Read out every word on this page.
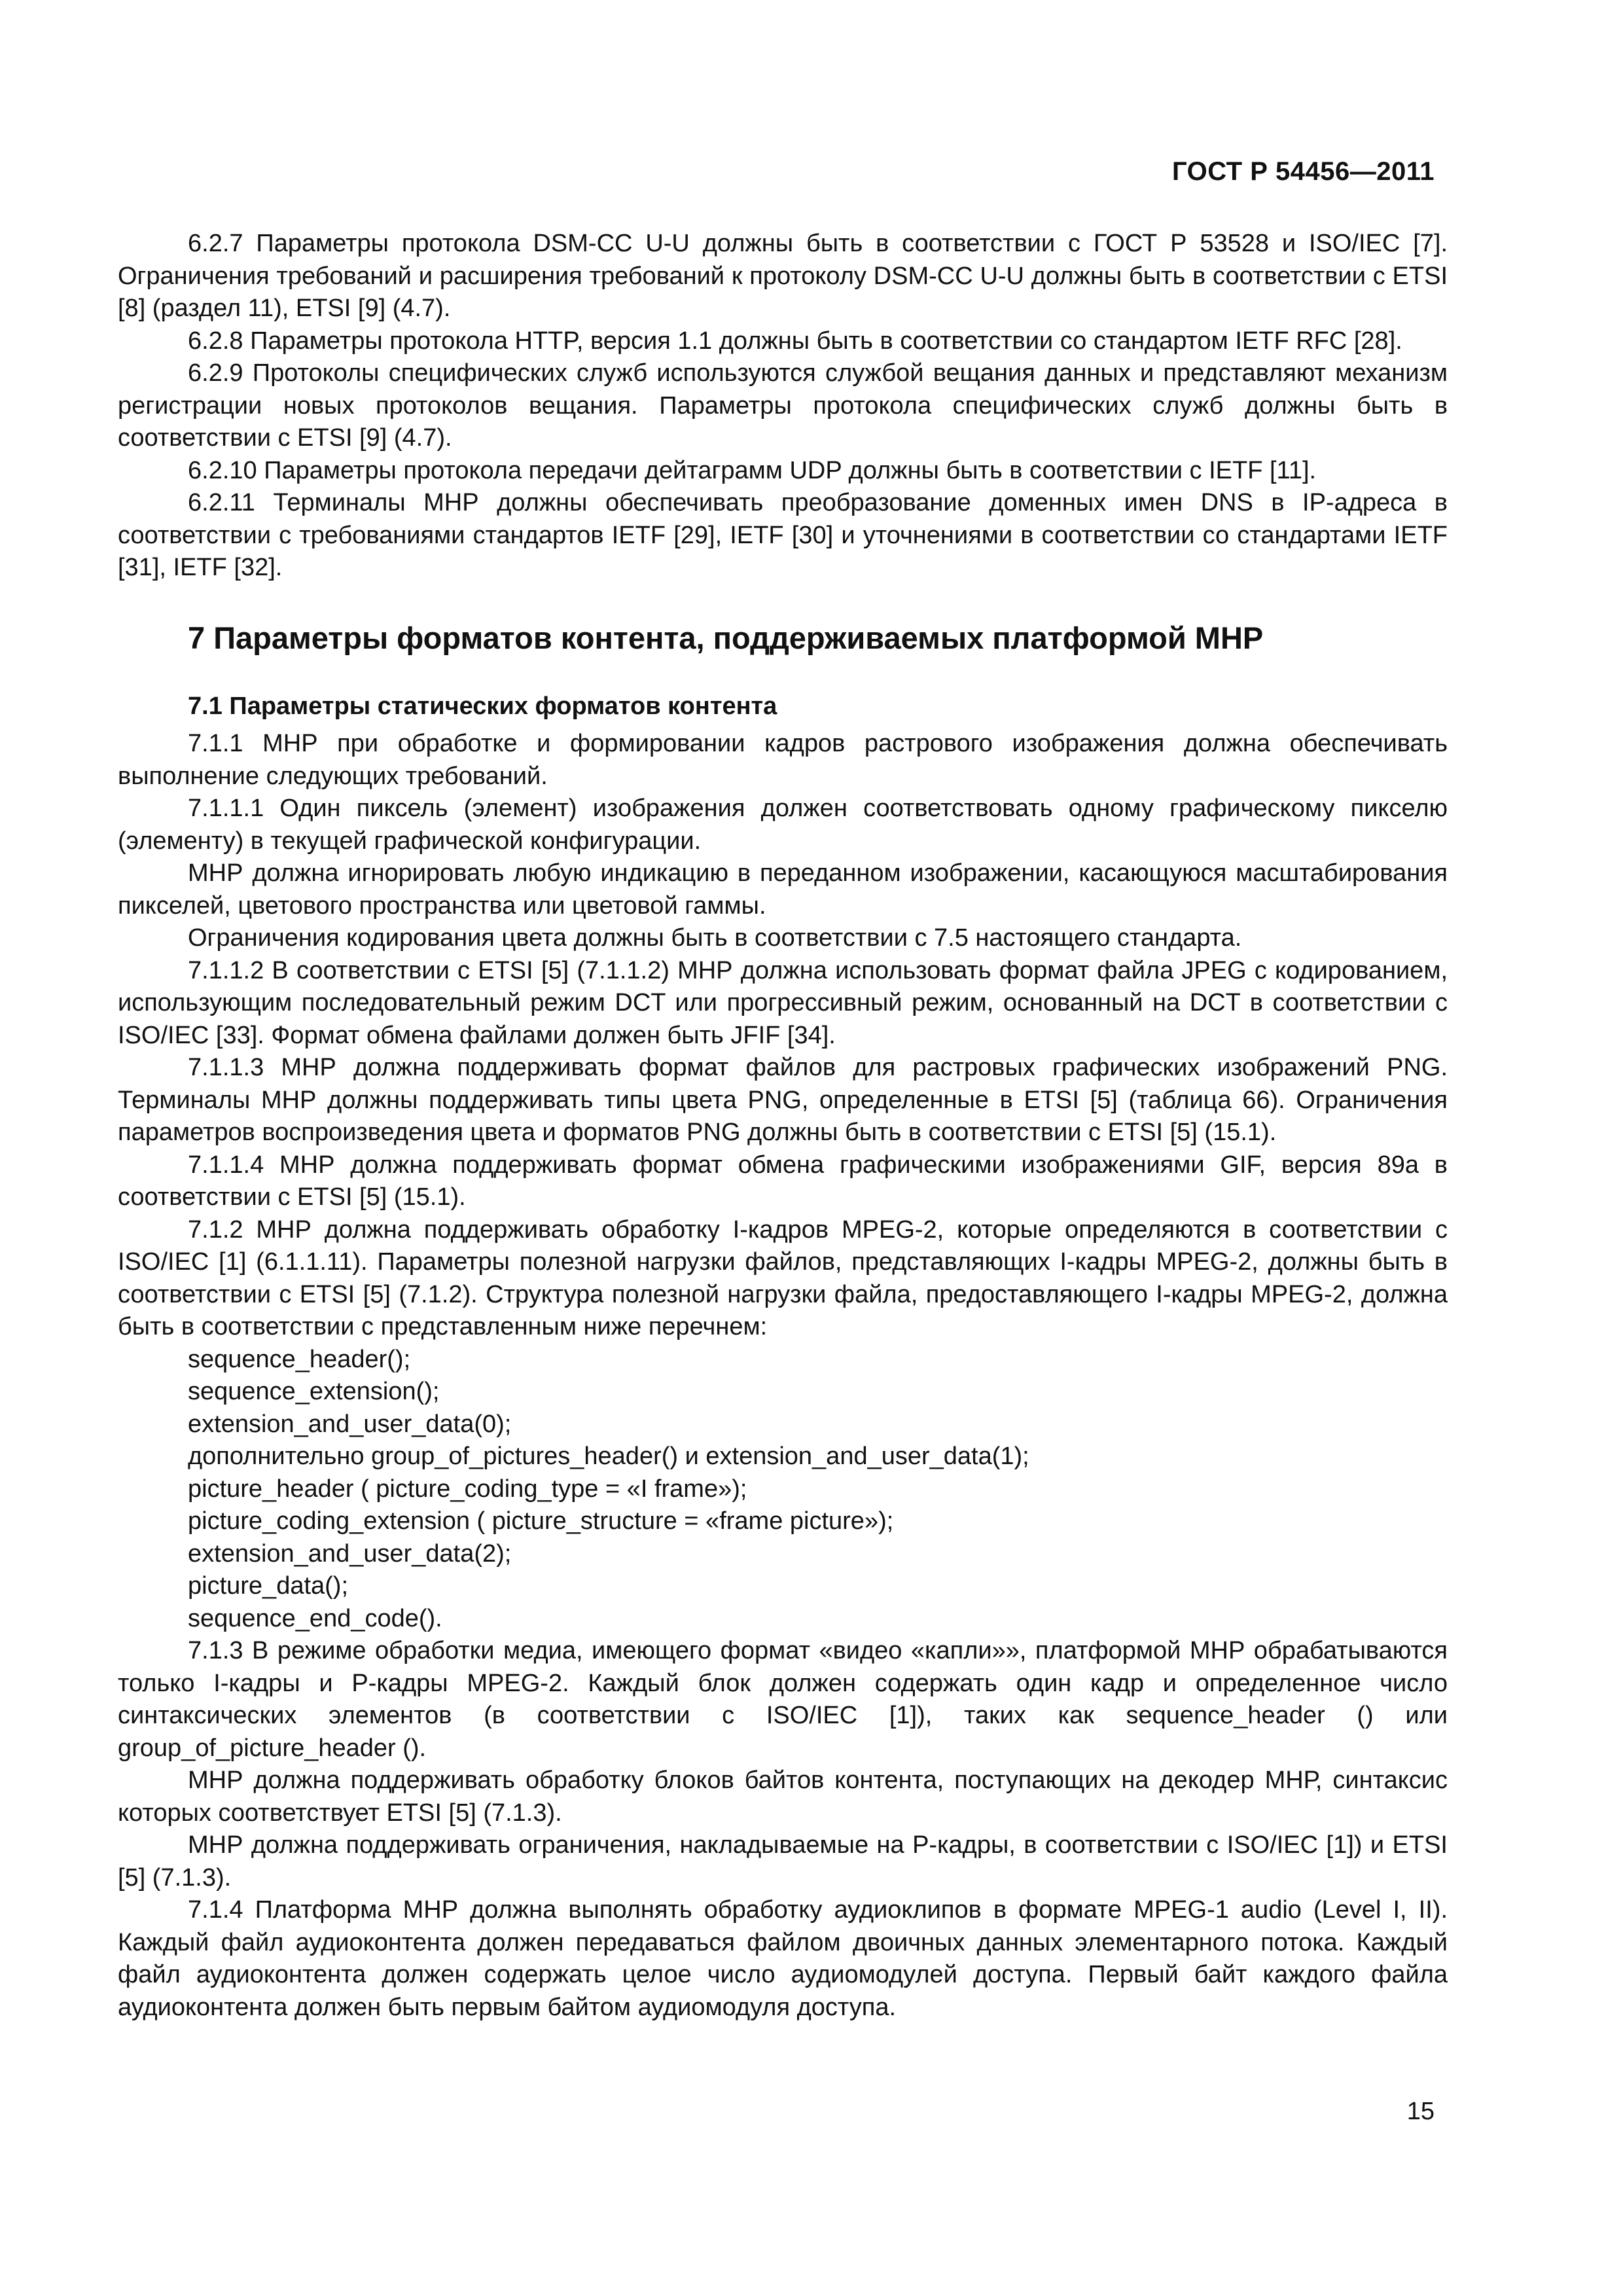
ГОСТ Р 54456—2011

6.2.7 Параметры протокола DSM-CC U-U должны быть в соответствии с ГОСТ Р 53528 и ISO/IEC [7]. Ограничения требований и расширения требований к протоколу DSM-CC U-U должны быть в соответствии с ETSI [8] (раздел 11), ETSI [9] (4.7).

6.2.8 Параметры протокола HTTP, версия 1.1 должны быть в соответствии со стандартом IETF RFC [28].

6.2.9 Протоколы специфических служб используются службой вещания данных и представляют механизм регистрации новых протоколов вещания. Параметры протокола специфических служб должны быть в соответствии с ETSI [9] (4.7).

6.2.10 Параметры протокола передачи дейтаграмм UDP должны быть в соответствии с IETF [11].

6.2.11 Терминалы МНР должны обеспечивать преобразование доменных имен DNS в IP-адреса в соответствии с требованиями стандартов IETF [29], IETF [30] и уточнениями в соответствии со стандартами IETF [31], IETF [32].

7 Параметры форматов контента, поддерживаемых платформой МНР
7.1 Параметры статических форматов контента

7.1.1 МНР при обработке и формировании кадров растрового изображения должна обеспечивать выполнение следующих требований.

7.1.1.1 Один пиксель (элемент) изображения должен соответствовать одному графическому пикселю (элементу) в текущей графической конфигурации.

МНР должна игнорировать любую индикацию в переданном изображении, касающуюся масштабирования пикселей, цветового пространства или цветовой гаммы.

Ограничения кодирования цвета должны быть в соответствии с 7.5 настоящего стандарта.

7.1.1.2 В соответствии с ETSI [5] (7.1.1.2) МНР должна использовать формат файла JPEG с кодированием, использующим последовательный режим DCT или прогрессивный режим, основанный на DCT в соответствии с ISO/IEC [33]. Формат обмена файлами должен быть JFIF [34].

7.1.1.3 МНР должна поддерживать формат файлов для растровых графических изображений PNG. Терминалы МНР должны поддерживать типы цвета PNG, определенные в ETSI [5] (таблица 66). Ограничения параметров воспроизведения цвета и форматов PNG должны быть в соответствии с ETSI [5] (15.1).

7.1.1.4 МНР должна поддерживать формат обмена графическими изображениями GIF, версия 89a в соответствии с ETSI [5] (15.1).

7.1.2 МНР должна поддерживать обработку I-кадров MPEG-2, которые определяются в соответствии с ISO/IEC [1] (6.1.1.11). Параметры полезной нагрузки файлов, представляющих I-кадры MPEG-2, должны быть в соответствии с ETSI [5] (7.1.2). Структура полезной нагрузки файла, предоставляющего I-кадры MPEG-2, должна быть в соответствии с представленным ниже перечнем:

sequence_header();

sequence_extension();

extension_and_user_data(0);

дополнительно group_of_pictures_header() и extension_and_user_data(1);

picture_header ( picture_coding_type = «I frame»);

picture_coding_extension ( picture_structure = «frame picture»);

extension_and_user_data(2);

picture_data();

sequence_end_code().

7.1.3 В режиме обработки медиа, имеющего формат «видео «капли»», платформой МНР обрабатываются только I-кадры и P-кадры MPEG-2. Каждый блок должен содержать один кадр и определенное число синтаксических элементов (в соответствии с ISO/IEC [1]), таких как sequence_header () или group_of_picture_header ().

МНР должна поддерживать обработку блоков байтов контента, поступающих на декодер МНР, синтаксис которых соответствует ETSI [5] (7.1.3).

МНР должна поддерживать ограничения, накладываемые на P-кадры, в соответствии с ISO/IEC [1]) и ETSI [5] (7.1.3).

7.1.4 Платформа МНР должна выполнять обработку аудиоклипов в формате MPEG-1 audio (Level I, II). Каждый файл аудиоконтента должен передаваться файлом двоичных данных элементарного потока. Каждый файл аудиоконтента должен содержать целое число аудиомодулей доступа. Первый байт каждого файла аудиоконтента должен быть первым байтом аудиомодуля доступа.

15
